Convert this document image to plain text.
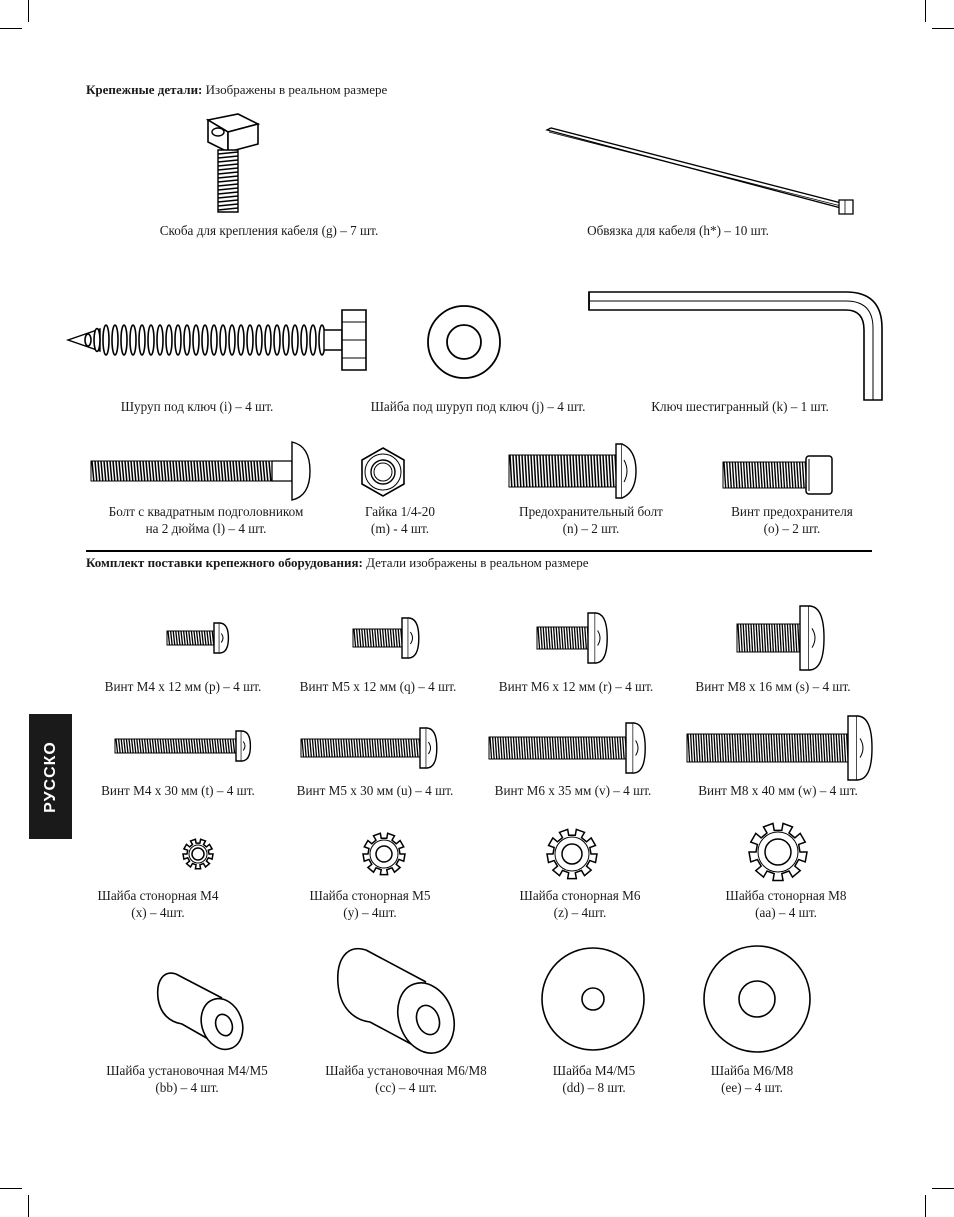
Крепежные детали: Изображены в реальном размере
Скоба для крепления кабеля (g) – 7 шт.	Обвязка для кабеля (h*) – 10 шт.
Шуруп под ключ (i) – 4 шт.	Шайба под шуруп под ключ (j) – 4 шт.	Ключ шестигранный (k) – 1 шт.
Болт с квадратным подголовником
на 2 дюйма (l) – 4 шт.
Гайка 1/4-20
(m) - 4 шт.
Предохранительный болт
(n) – 2 шт.
Винт предохранителя
(o) – 2 шт.
Комплект поставки крепежного оборудования: Детали изображены в реальном размере
Винт M4 x 12 мм (p) – 4 шт.	Винт M5 x 12 мм (q) – 4 шт.	Винт M6 x 12 мм (r) – 4 шт.	Винт M8 x 16 мм (s) – 4 шт.
Винт M4 x 30 мм (t) – 4 шт.	Винт M5 x 30 мм (u) – 4 шт.	Винт M6 x 35 мм (v) – 4 шт.	Винт M8 x 40 мм (w) – 4 шт.
Шайба стонорная M4
(x) – 4шт.
Шайба стонорная M5
(y) – 4шт.
Шайба стонорная M6
(z) – 4шт.
Шайба стонорная M8
(aa) – 4 шт.
Шайба установочная M4/M5
(bb) – 4 шт.
Шайба установочная M6/M8
(cc) – 4 шт.
Шайба M4/M5
(dd) – 8 шт.
Шайба M6/M8
(ee) – 4 шт.
РУССКО
